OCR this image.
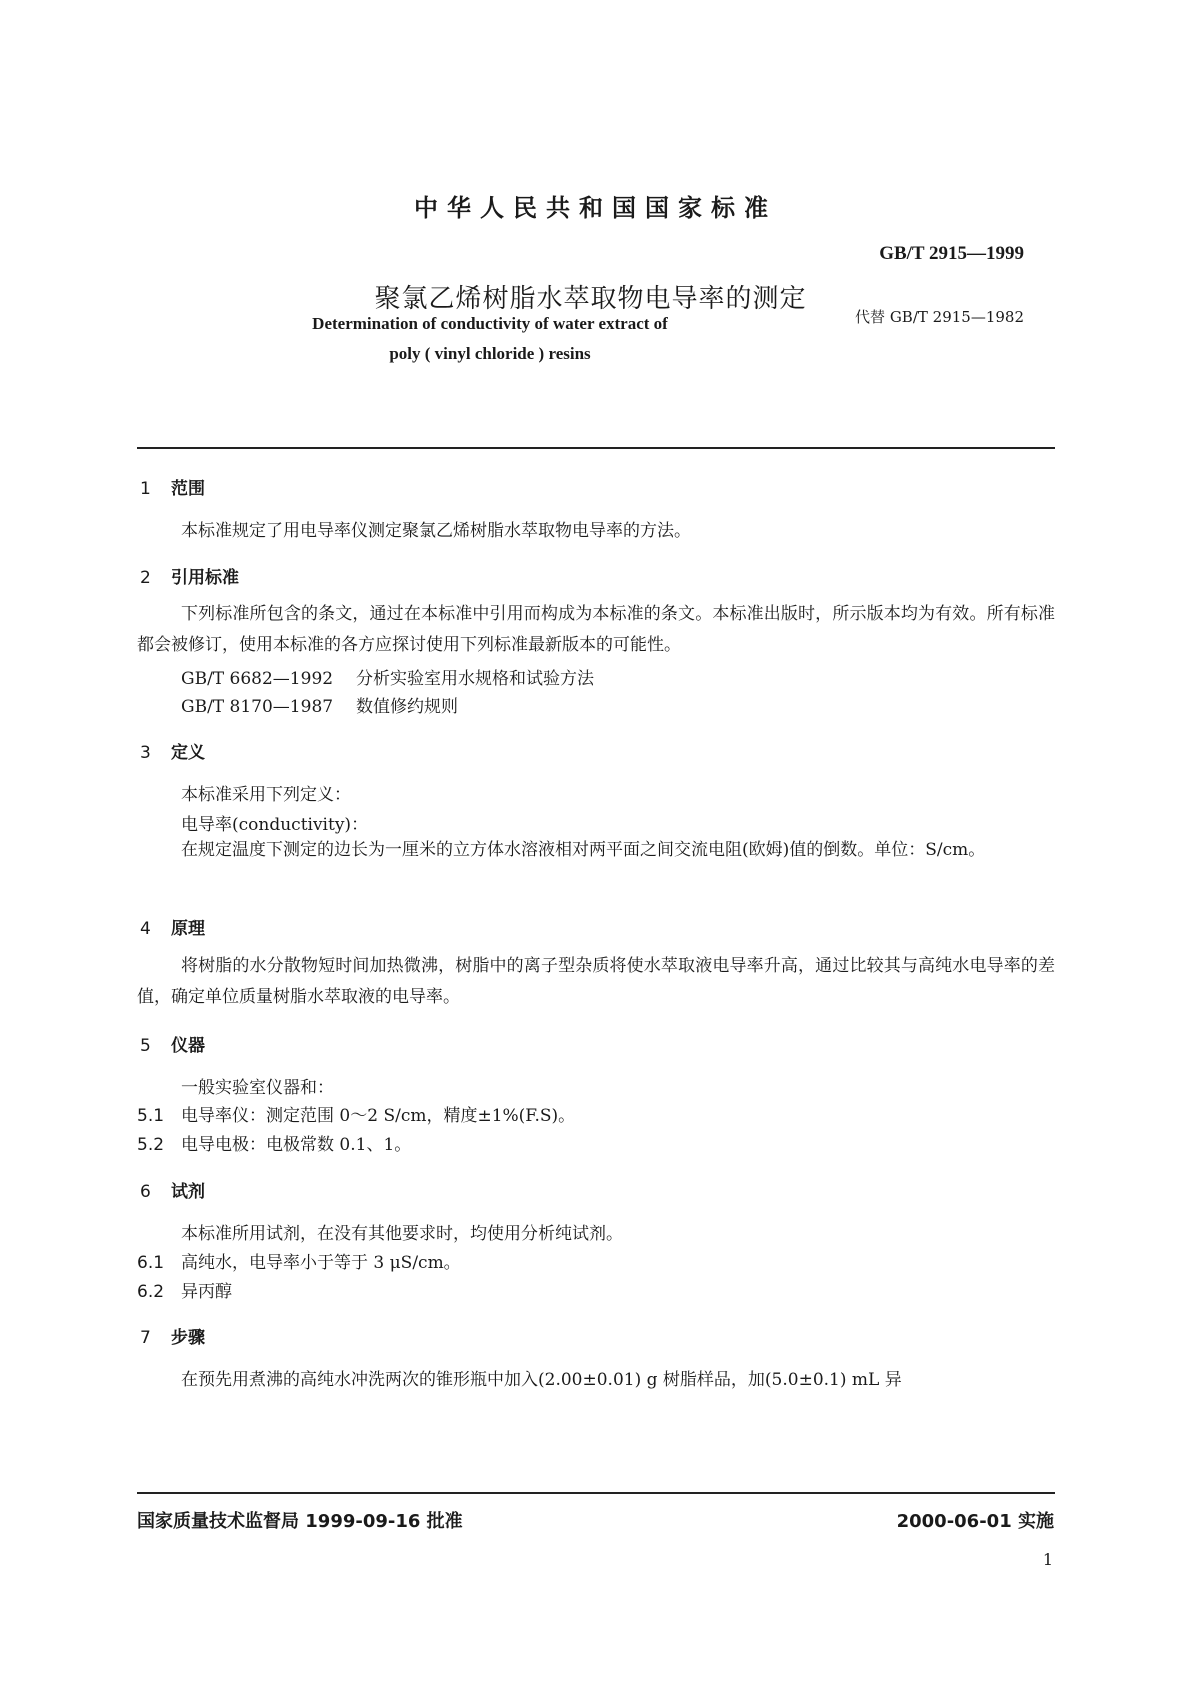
中华人民共和国国家标准
GB/T 2915—1999
聚氯乙烯树脂水萃取物电导率的测定
代替 GB/T 2915—1982
Determination of conductivity of water extract of
poly ( vinyl chloride ) resins
1 范围
本标准规定了用电导率仪测定聚氯乙烯树脂水萃取物电导率的方法。
2 引用标准
下列标准所包含的条文，通过在本标准中引用而构成为本标准的条文。本标准出版时，所示版本均为有效。所有标准都会被修订，使用本标准的各方应探讨使用下列标准最新版本的可能性。
GB/T 6682—1992 分析实验室用水规格和试验方法
GB/T 8170—1987 数值修约规则
3 定义
本标准采用下列定义：
电导率(conductivity)：
在规定温度下测定的边长为一厘米的立方体水溶液相对两平面之间交流电阻(欧姆)值的倒数。单位：S/cm。
4 原理
将树脂的水分散物短时间加热微沸，树脂中的离子型杂质将使水萃取液电导率升高，通过比较其与高纯水电导率的差值，确定单位质量树脂水萃取液的电导率。
5 仪器
一般实验室仪器和：
5.1 电导率仪：测定范围 0～2 S/cm，精度±1%(F.S)。
5.2 电导电极：电极常数 0.1、1。
6 试剂
本标准所用试剂，在没有其他要求时，均使用分析纯试剂。
6.1 高纯水，电导率小于等于 3 μS/cm。
6.2 异丙醇
7 步骤
在预先用煮沸的高纯水冲洗两次的锥形瓶中加入(2.00±0.01) g 树脂样品，加(5.0±0.1) mL 异
国家质量技术监督局 1999-09-16 批准	2000-06-01 实施
1
